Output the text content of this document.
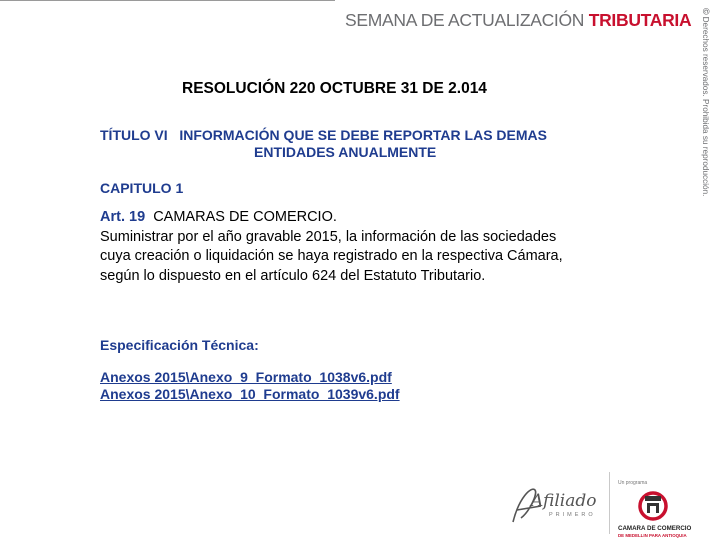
SEMANA DE ACTUALIZACIÓN TRIBUTARIA ©Derechos reservados. Prohibida su reproducción.
RESOLUCIÓN 220 OCTUBRE 31 DE 2.014
TÍTULO VI INFORMACIÓN QUE SE DEBE REPORTAR LAS DEMAS
ENTIDADES ANUALMENTE
CAPITULO 1
Art. 19 CAMARAS DE COMERCIO.
Suministrar por el año gravable 2015, la información de las sociedades
cuya creación o liquidación se haya registrado en la respectiva Cámara,
según lo dispuesto en el artículo 624 del Estatuto Tributario.
Especificación Técnica:
Anexos 2015\Anexo_9_Formato_1038v6.pdf
Anexos 2015\Anexo_10_Formato_1039v6.pdf
Afiliado
PRIMERO
Un programa
CAMARA DE COMERCIO
DE MEDELLIN PARA ANTIOQUIA
